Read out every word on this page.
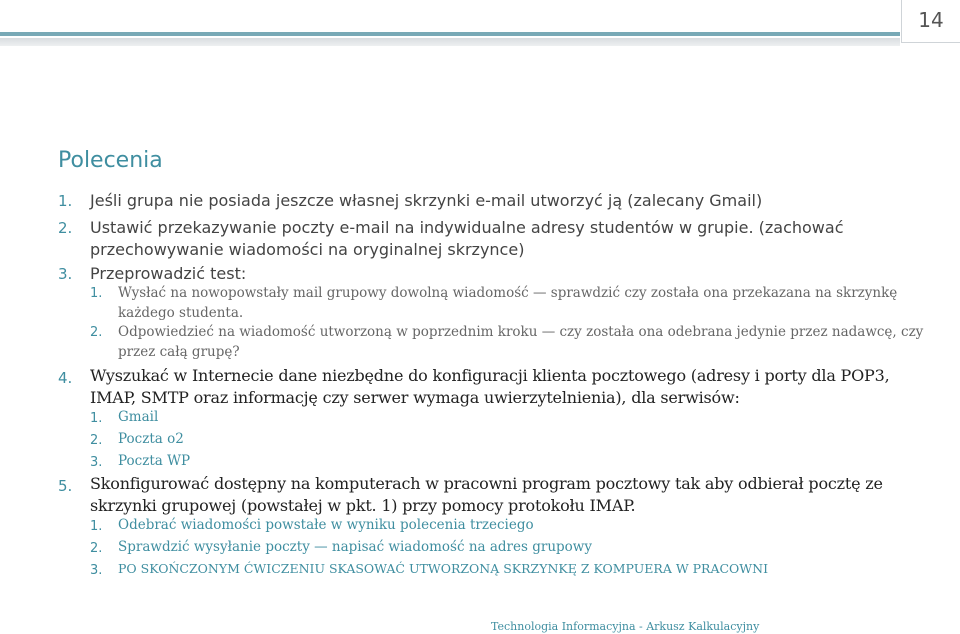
14
Polecenia
1. Jeśli grupa nie posiada jeszcze własnej skrzynki e-mail utworzyć ją (zalecany Gmail)
2. Ustawić przekazywanie poczty e-mail na indywidualne adresy studentów w grupie. (zachować
przechowywanie wiadomości na oryginalnej skrzynce)
3. Przeprowadzić test:
1. Wysłać na nowopowstały mail grupowy dowolną wiadomość — sprawdzić czy została ona przekazana na skrzynkę
każdego studenta.
2. Odpowiedzieć na wiadomość utworzoną w poprzednim kroku — czy została ona odebrana jedynie przez nadawcę, czy
przez całą grupę?
4. Wyszukać w Internecie dane niezbędne do konfiguracji klienta pocztowego (adresy i porty dla POP3,
IMAP, SMTP oraz informację czy serwer wymaga uwierzytelnienia), dla serwisów:
1. Gmail
2. Poczta o2
3. Poczta WP
5. Skonfigurować dostępny na komputerach w pracowni program pocztowy tak aby odbierał pocztę ze
skrzynki grupowej (powstałej w pkt. 1) przy pomocy protokołu IMAP.
1. Odebrać wiadomości powstałe w wyniku polecenia trzeciego
2. Sprawdzić wysyłanie poczty — napisać wiadomość na adres grupowy
3. PO SKOŃCZONYM ĆWICZENIU SKASOWAĆ UTWORZONĄ SKRZYNKĘ Z KOMPUERA W PRACOWNI
Technologia Informacyjna - Arkusz Kalkulacyjny
